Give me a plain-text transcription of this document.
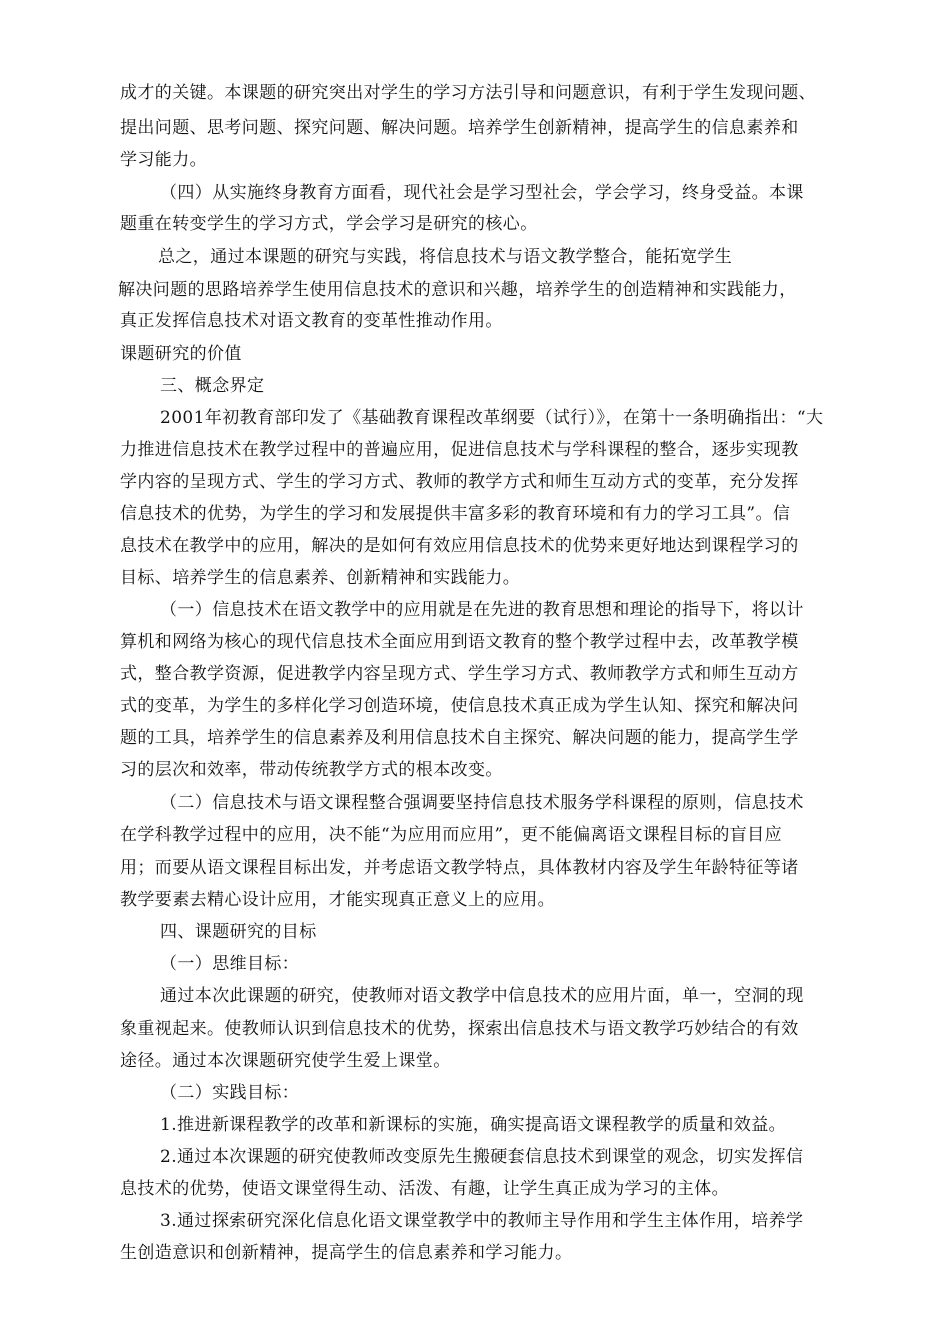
成才的关键。本课题的研究突出对学生的学习方法引导和问题意识，有利于学生发现问题、
提出问题、思考问题、探究问题、解决问题。培养学生创新精神，提高学生的信息素养和
学习能力。
（四）从实施终身教育方面看，现代社会是学习型社会，学会学习，终身受益。本课
题重在转变学生的学习方式，学会学习是研究的核心。
总之，通过本课题的研究与实践，将信息技术与语文教学整合，能拓宽学生
解决问题的思路培养学生使用信息技术的意识和兴趣，培养学生的创造精神和实践能力，
真正发挥信息技术对语文教育的变革性推动作用。
课题研究的价值
三、概念界定
2001年初教育部印发了《基础教育课程改革纲要（试行）》，在第十一条明确指出：“大
力推进信息技术在教学过程中的普遍应用，促进信息技术与学科课程的整合，逐步实现教
学内容的呈现方式、学生的学习方式、教师的教学方式和师生互动方式的变革，充分发挥
信息技术的优势，为学生的学习和发展提供丰富多彩的教育环境和有力的学习工具”。信
息技术在教学中的应用，解决的是如何有效应用信息技术的优势来更好地达到课程学习的
目标、培养学生的信息素养、创新精神和实践能力。
（一）信息技术在语文教学中的应用就是在先进的教育思想和理论的指导下，将以计
算机和网络为核心的现代信息技术全面应用到语文教育的整个教学过程中去，改革教学模
式，整合教学资源，促进教学内容呈现方式、学生学习方式、教师教学方式和师生互动方
式的变革，为学生的多样化学习创造环境，使信息技术真正成为学生认知、探究和解决问
题的工具，培养学生的信息素养及利用信息技术自主探究、解决问题的能力，提高学生学
习的层次和效率，带动传统教学方式的根本改变。
（二）信息技术与语文课程整合强调要坚持信息技术服务学科课程的原则，信息技术
在学科教学过程中的应用，决不能“为应用而应用”，更不能偏离语文课程目标的盲目应
用；而要从语文课程目标出发，并考虑语文教学特点，具体教材内容及学生年龄特征等诸
教学要素去精心设计应用，才能实现真正意义上的应用。
四、课题研究的目标
（一）思维目标：
通过本次此课题的研究，使教师对语文教学中信息技术的应用片面，单一，空洞的现
象重视起来。使教师认识到信息技术的优势，探索出信息技术与语文教学巧妙结合的有效
途径。通过本次课题研究使学生爱上课堂。
（二）实践目标：
1.推进新课程教学的改革和新课标的实施，确实提高语文课程教学的质量和效益。
2.通过本次课题的研究使教师改变原先生搬硬套信息技术到课堂的观念，切实发挥信
息技术的优势，使语文课堂得生动、活泼、有趣，让学生真正成为学习的主体。
3.通过探索研究深化信息化语文课堂教学中的教师主导作用和学生主体作用，培养学
生创造意识和创新精神，提高学生的信息素养和学习能力。
